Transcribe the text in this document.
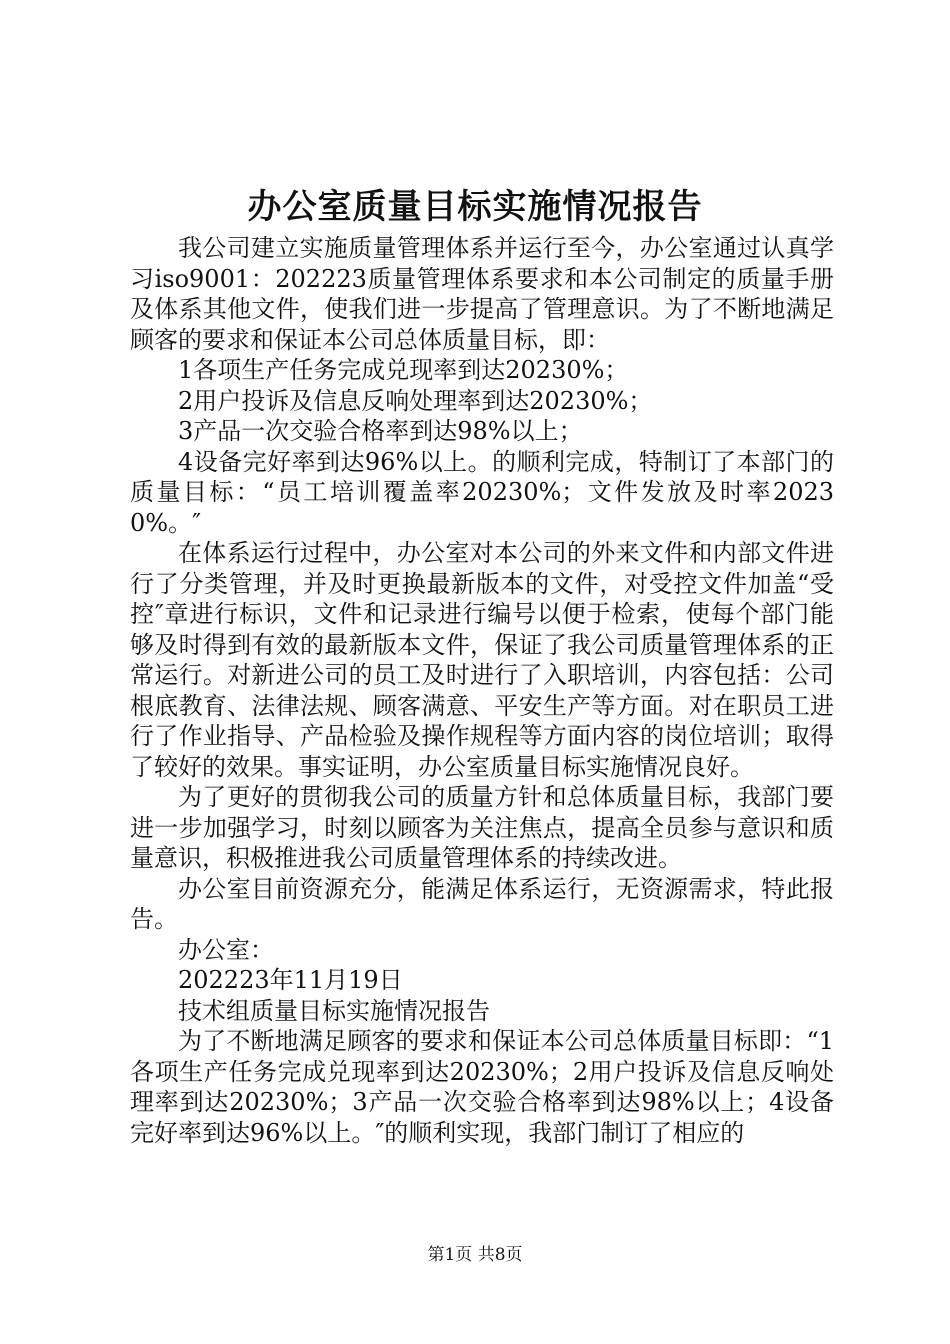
办公室质量目标实施情况报告

我公司建立实施质量管理体系并运行至今，办公室通过认真学习iso9001：202223质量管理体系要求和本公司制定的质量手册及体系其他文件，使我们进一步提高了管理意识。为了不断地满足顾客的要求和保证本公司总体质量目标，即：

1各项生产任务完成兑现率到达20230%；

2用户投诉及信息反响处理率到达20230%；

3产品一次交验合格率到达98%以上；

4设备完好率到达96%以上。的顺利完成，特制订了本部门的质量目标：“员工培训覆盖率20230%；文件发放及时率20230%。″

在体系运行过程中，办公室对本公司的外来文件和内部文件进行了分类管理，并及时更换最新版本的文件，对受控文件加盖“受控″章进行标识，文件和记录进行编号以便于检索，使每个部门能够及时得到有效的最新版本文件，保证了我公司质量管理体系的正常运行。对新进公司的员工及时进行了入职培训，内容包括：公司根底教育、法律法规、顾客满意、平安生产等方面。对在职员工进行了作业指导、产品检验及操作规程等方面内容的岗位培训；取得了较好的效果。事实证明，办公室质量目标实施情况良好。

为了更好的贯彻我公司的质量方针和总体质量目标，我部门要进一步加强学习，时刻以顾客为关注焦点，提高全员参与意识和质量意识，积极推进我公司质量管理体系的持续改进。

办公室目前资源充分，能满足体系运行，无资源需求，特此报告。

办公室：

202223年11月19日

技术组质量目标实施情况报告

为了不断地满足顾客的要求和保证本公司总体质量目标即：“1各项生产任务完成兑现率到达20230%；2用户投诉及信息反响处理率到达20230%；3产品一次交验合格率到达98%以上；4设备完好率到达96%以上。″的顺利实现，我部门制订了相应的

第1页 共8页
